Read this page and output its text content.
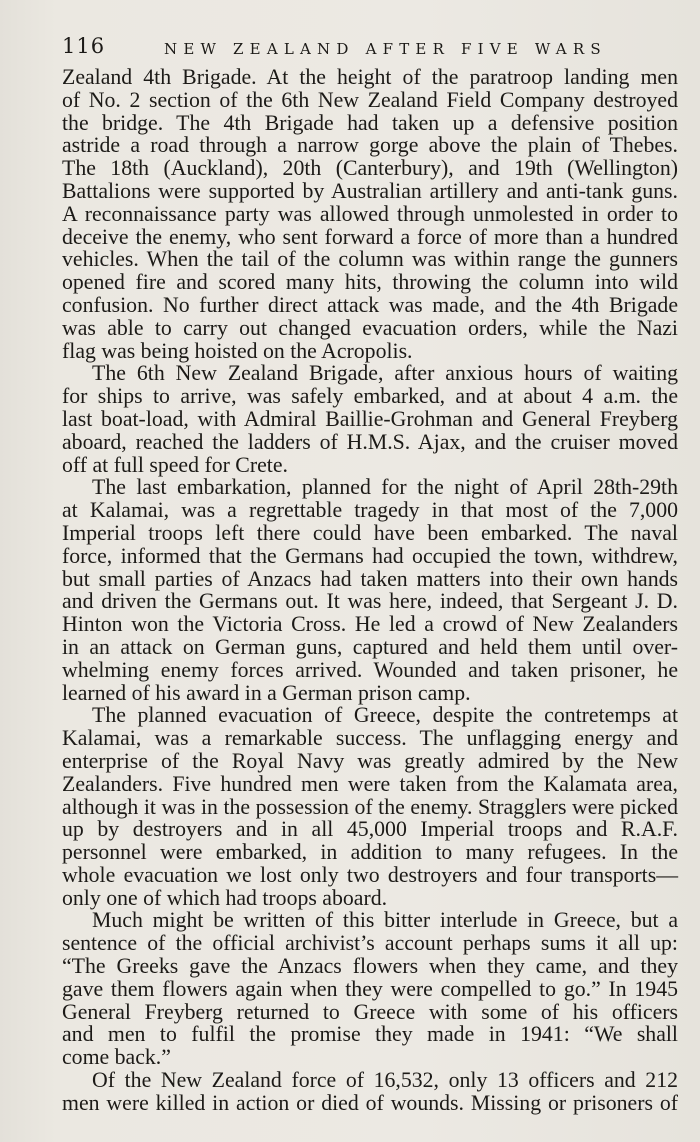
116	NEW ZEALAND AFTER FIVE WARS
Zealand 4th Brigade. At the height of the paratroop landing men
of No. 2 section of the 6th New Zealand Field Company destroyed
the bridge. The 4th Brigade had taken up a defensive position
astride a road through a narrow gorge above the plain of Thebes.
The 18th (Auckland), 20th (Canterbury), and 19th (Wellington)
Battalions were supported by Australian artillery and anti-tank guns.
A reconnaissance party was allowed through unmolested in order to
deceive the enemy, who sent forward a force of more than a hundred
vehicles. When the tail of the column was within range the gunners
opened fire and scored many hits, throwing the column into wild
confusion. No further direct attack was made, and the 4th Brigade
was able to carry out changed evacuation orders, while the Nazi
flag was being hoisted on the Acropolis.
The 6th New Zealand Brigade, after anxious hours of waiting
for ships to arrive, was safely embarked, and at about 4 a.m. the
last boat-load, with Admiral Baillie-Grohman and General Freyberg
aboard, reached the ladders of H.M.S. Ajax, and the cruiser moved
off at full speed for Crete.
The last embarkation, planned for the night of April 28th-29th
at Kalamai, was a regrettable tragedy in that most of the 7,000
Imperial troops left there could have been embarked. The naval
force, informed that the Germans had occupied the town, withdrew,
but small parties of Anzacs had taken matters into their own hands
and driven the Germans out. It was here, indeed, that Sergeant J. D.
Hinton won the Victoria Cross. He led a crowd of New Zealanders
in an attack on German guns, captured and held them until over-
whelming enemy forces arrived. Wounded and taken prisoner, he
learned of his award in a German prison camp.
The planned evacuation of Greece, despite the contretemps at
Kalamai, was a remarkable success. The unflagging energy and
enterprise of the Royal Navy was greatly admired by the New
Zealanders. Five hundred men were taken from the Kalamata area,
although it was in the possession of the enemy. Stragglers were picked
up by destroyers and in all 45,000 Imperial troops and R.A.F.
personnel were embarked, in addition to many refugees. In the
whole evacuation we lost only two destroyers and four transports—
only one of which had troops aboard.
Much might be written of this bitter interlude in Greece, but a
sentence of the official archivist’s account perhaps sums it all up:
“The Greeks gave the Anzacs flowers when they came, and they
gave them flowers again when they were compelled to go.” In 1945
General Freyberg returned to Greece with some of his officers
and men to fulfil the promise they made in 1941: “We shall
come back.”
Of the New Zealand force of 16,532, only 13 officers and 212
men were killed in action or died of wounds. Missing or prisoners of
